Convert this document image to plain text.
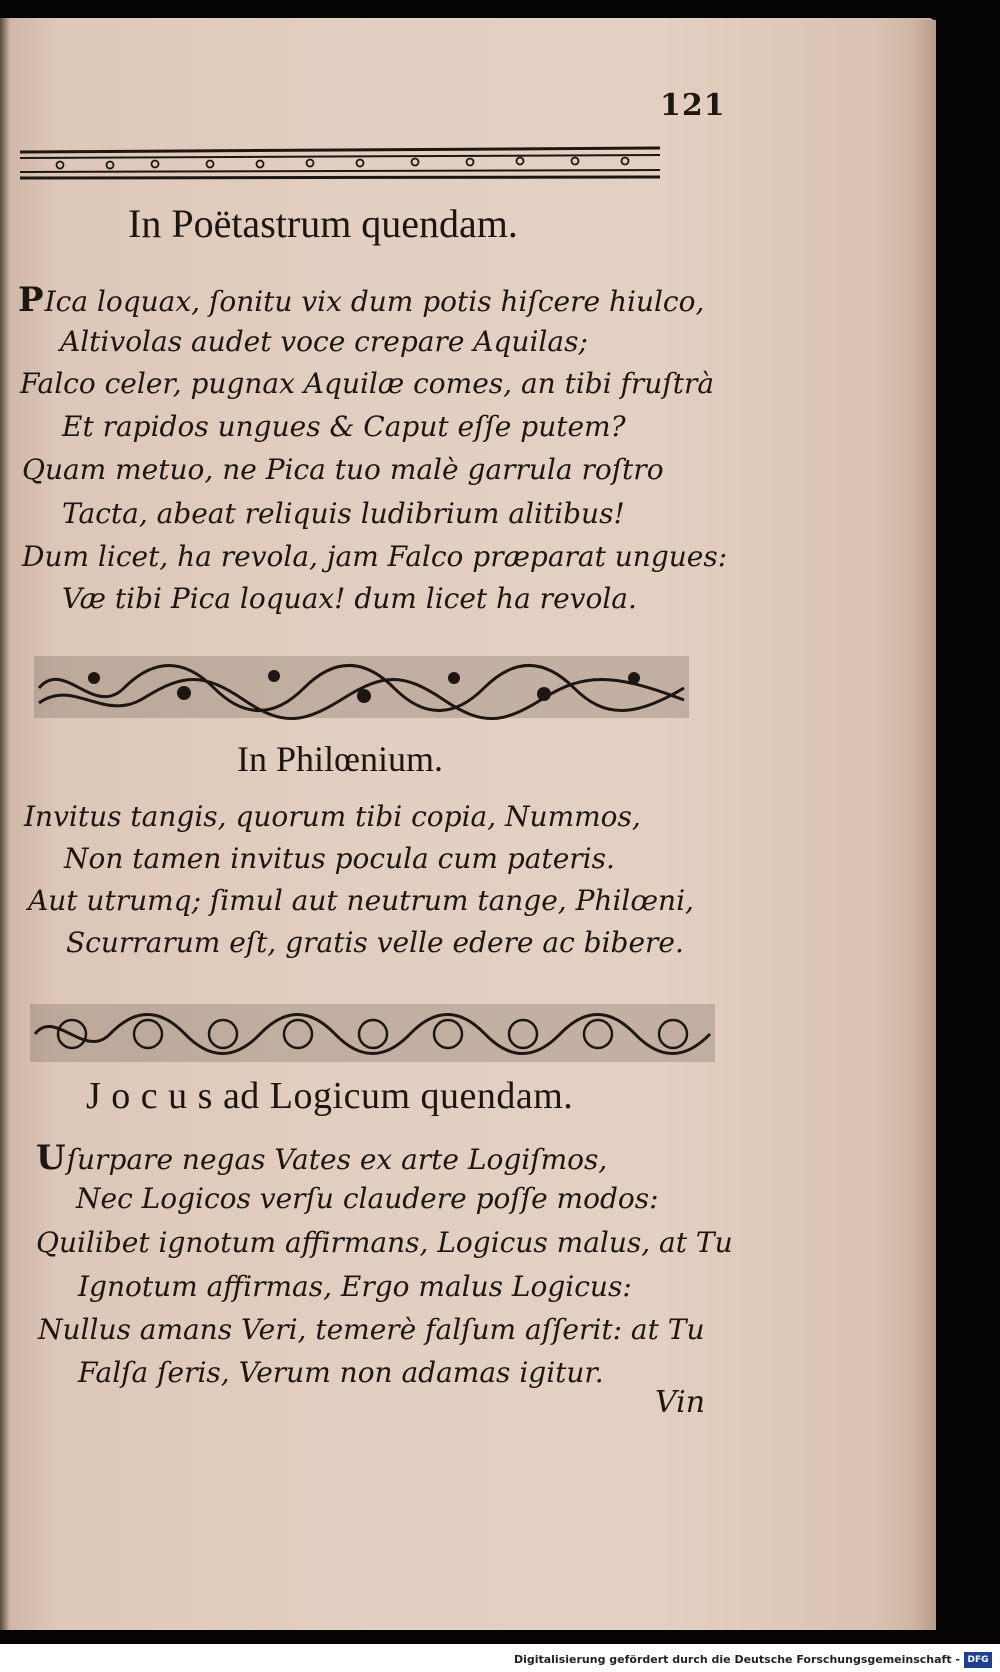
121
In Poëtastrum quendam.
PIca loquax, ſonitu vix dum potis hiſcere hiulco,
Altivolas audet voce crepare Aquilas;
Falco celer, pugnax Aquilæ comes, an tibi fruſtrà
Et rapidos ungues & Caput eſſe putem?
Quam metuo, ne Pica tuo malè garrula roſtro
Tacta, abeat reliquis ludibrium alitibus!
Dum licet, ha revola, jam Falco præparat ungues:
Væ tibi Pica loquax! dum licet ha revola.
In Philœnium.
Invitus tangis, quorum tibi copia, Nummos,
Non tamen invitus pocula cum pateris.
Aut utrumq; ſimul aut neutrum tange, Philœni,
Scurrarum eſt, gratis velle edere ac bibere.
J o c u s ad Logicum quendam.
Uſurpare negas Vates ex arte Logiſmos,
Nec Logicos verſu claudere poſſe modos:
Quilibet ignotum affirmans, Logicus malus, at Tu
Ignotum affirmas, Ergo malus Logicus:
Nullus amans Veri, temerè falſum aſſerit: at Tu
Falſa ſeris, Verum non adamas igitur.
Vin
Digitalisierung gefördert durch die Deutsche Forschungsgemeinschaft - DFG
